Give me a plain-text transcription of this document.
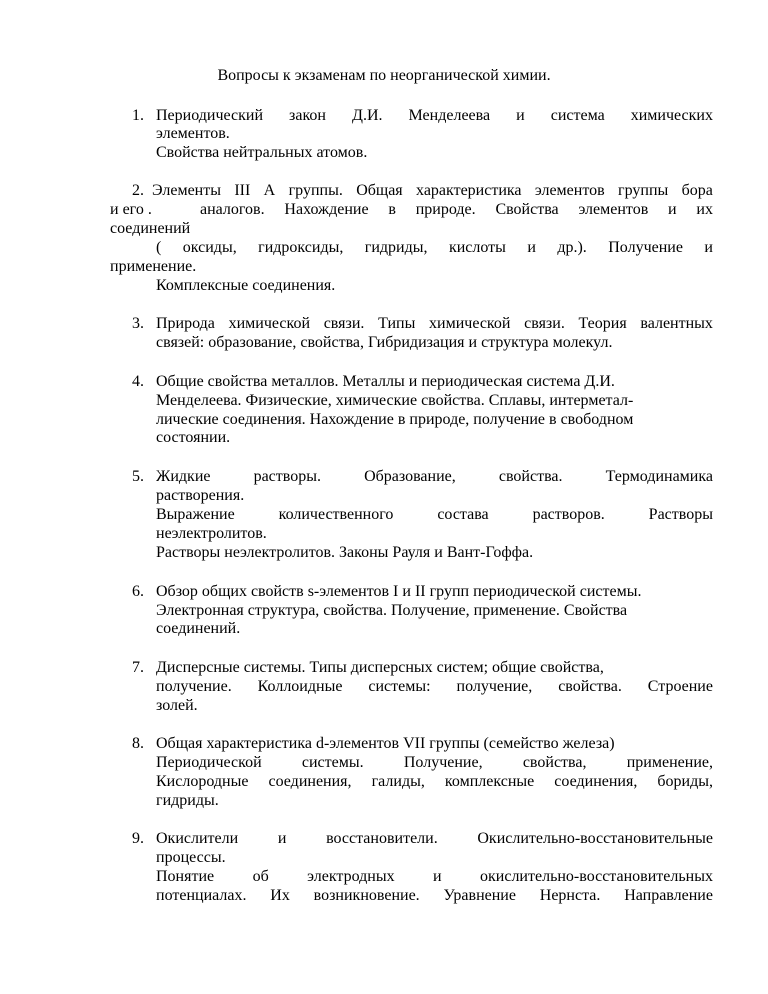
Вопросы к экзаменам по неорганической химии.
1. Периодический закон Д.И. Менделеева и система химических
элементов.
Свойства нейтральных атомов.
2. Элементы III А группы. Общая характеристика элементов группы бора
и его .	аналогов. Нахождение в природе. Свойства элементов и их
соединений
( оксиды, гидроксиды, гидриды, кислоты и др.). Получение и
применение.
Комплексные соединения.
3. Природа химической связи. Типы химической связи. Теория валентных
связей: образование, свойства, Гибридизация и структура молекул.
4. Общие свойства металлов. Металлы и периодическая система Д.И.
Менделеева. Физические, химические свойства. Сплавы, интерметал-
лические соединения. Нахождение в природе, получение в свободном
состоянии.
5. Жидкие	растворы.	Образование,	свойства.	Термодинамика
растворения.
Выражение	количественного	состава	растворов.	Растворы
неэлектролитов.
Растворы неэлектролитов. Законы Рауля и Вант-Гоффа.
6. Обзор общих свойств s-элементов I и II групп периодической системы.
Электронная структура, свойства. Получение, применение. Свойства
соединений.
7. Дисперсные системы. Типы дисперсных систем; общие свойства,
получение. Коллоидные системы: получение, свойства. Строение
золей.
8. Общая характеристика d-элементов VII группы (семейство железа)
Периодической	системы.	Получение,	свойства,	применение,
Кислородные соединения, галиды, комплексные соединения, бориды,
гидриды.
9. Окислители и восстановители. Окислительно-восстановительные
процессы.
Понятие об электродных и окислительно-восстановительных
потенциалах. Их возникновение. Уравнение Нернста. Направление
